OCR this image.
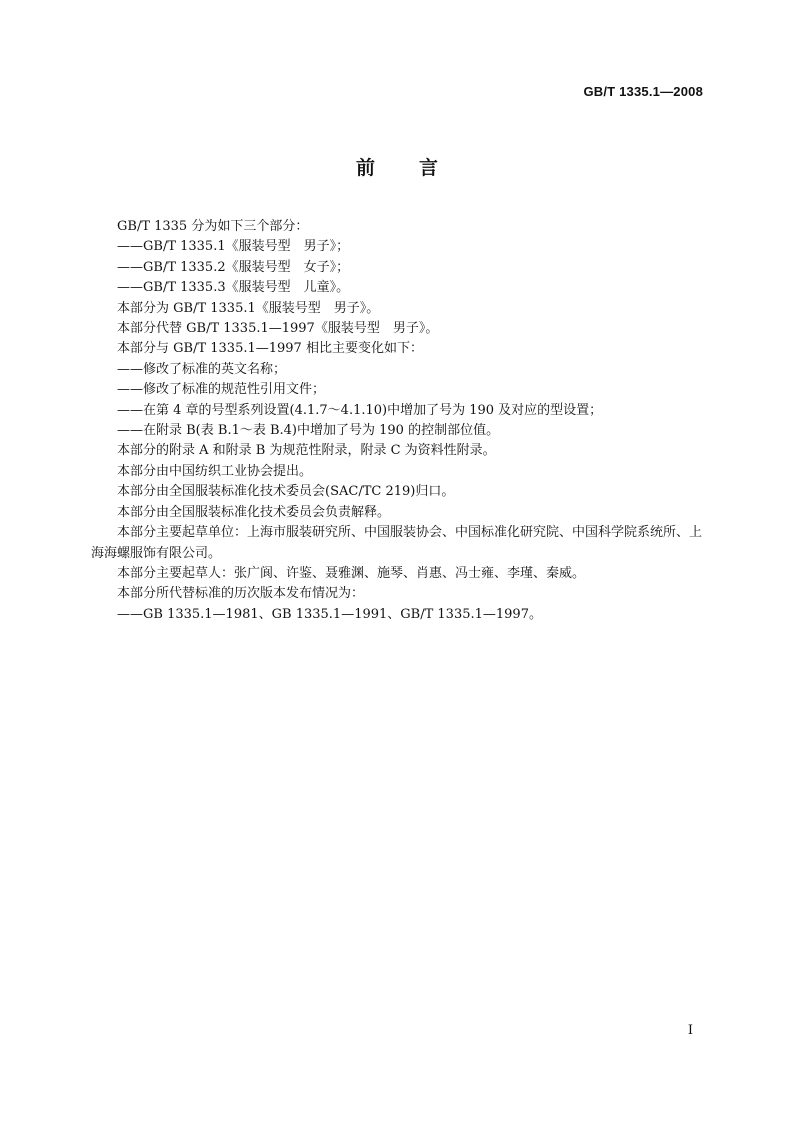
GB/T 1335.1—2008
前 言

GB/T 1335 分为如下三个部分：

——GB/T 1335.1《服装号型　男子》；

——GB/T 1335.2《服装号型　女子》；

——GB/T 1335.3《服装号型　儿童》。

本部分为 GB/T 1335.1《服装号型　男子》。

本部分代替 GB/T 1335.1—1997《服装号型　男子》。

本部分与 GB/T 1335.1—1997 相比主要变化如下：

——修改了标准的英文名称；

——修改了标准的规范性引用文件；

——在第 4 章的号型系列设置(4.1.7～4.1.10)中增加了号为 190 及对应的型设置；

——在附录 B(表 B.1～表 B.4)中增加了号为 190 的控制部位值。

本部分的附录 A 和附录 B 为规范性附录，附录 C 为资料性附录。

本部分由中国纺织工业协会提出。

本部分由全国服装标准化技术委员会(SAC/TC 219)归口。

本部分由全国服装标准化技术委员会负责解释。

本部分主要起草单位：上海市服装研究所、中国服装协会、中国标准化研究院、中国科学院系统所、上海海螺服饰有限公司。

本部分主要起草人：张广阆、许鉴、聂雅渊、施琴、肖惠、冯士雍、李瑾、秦威。

本部分所代替标准的历次版本发布情况为：

——GB 1335.1—1981、GB 1335.1—1991、GB/T 1335.1—1997。

I
